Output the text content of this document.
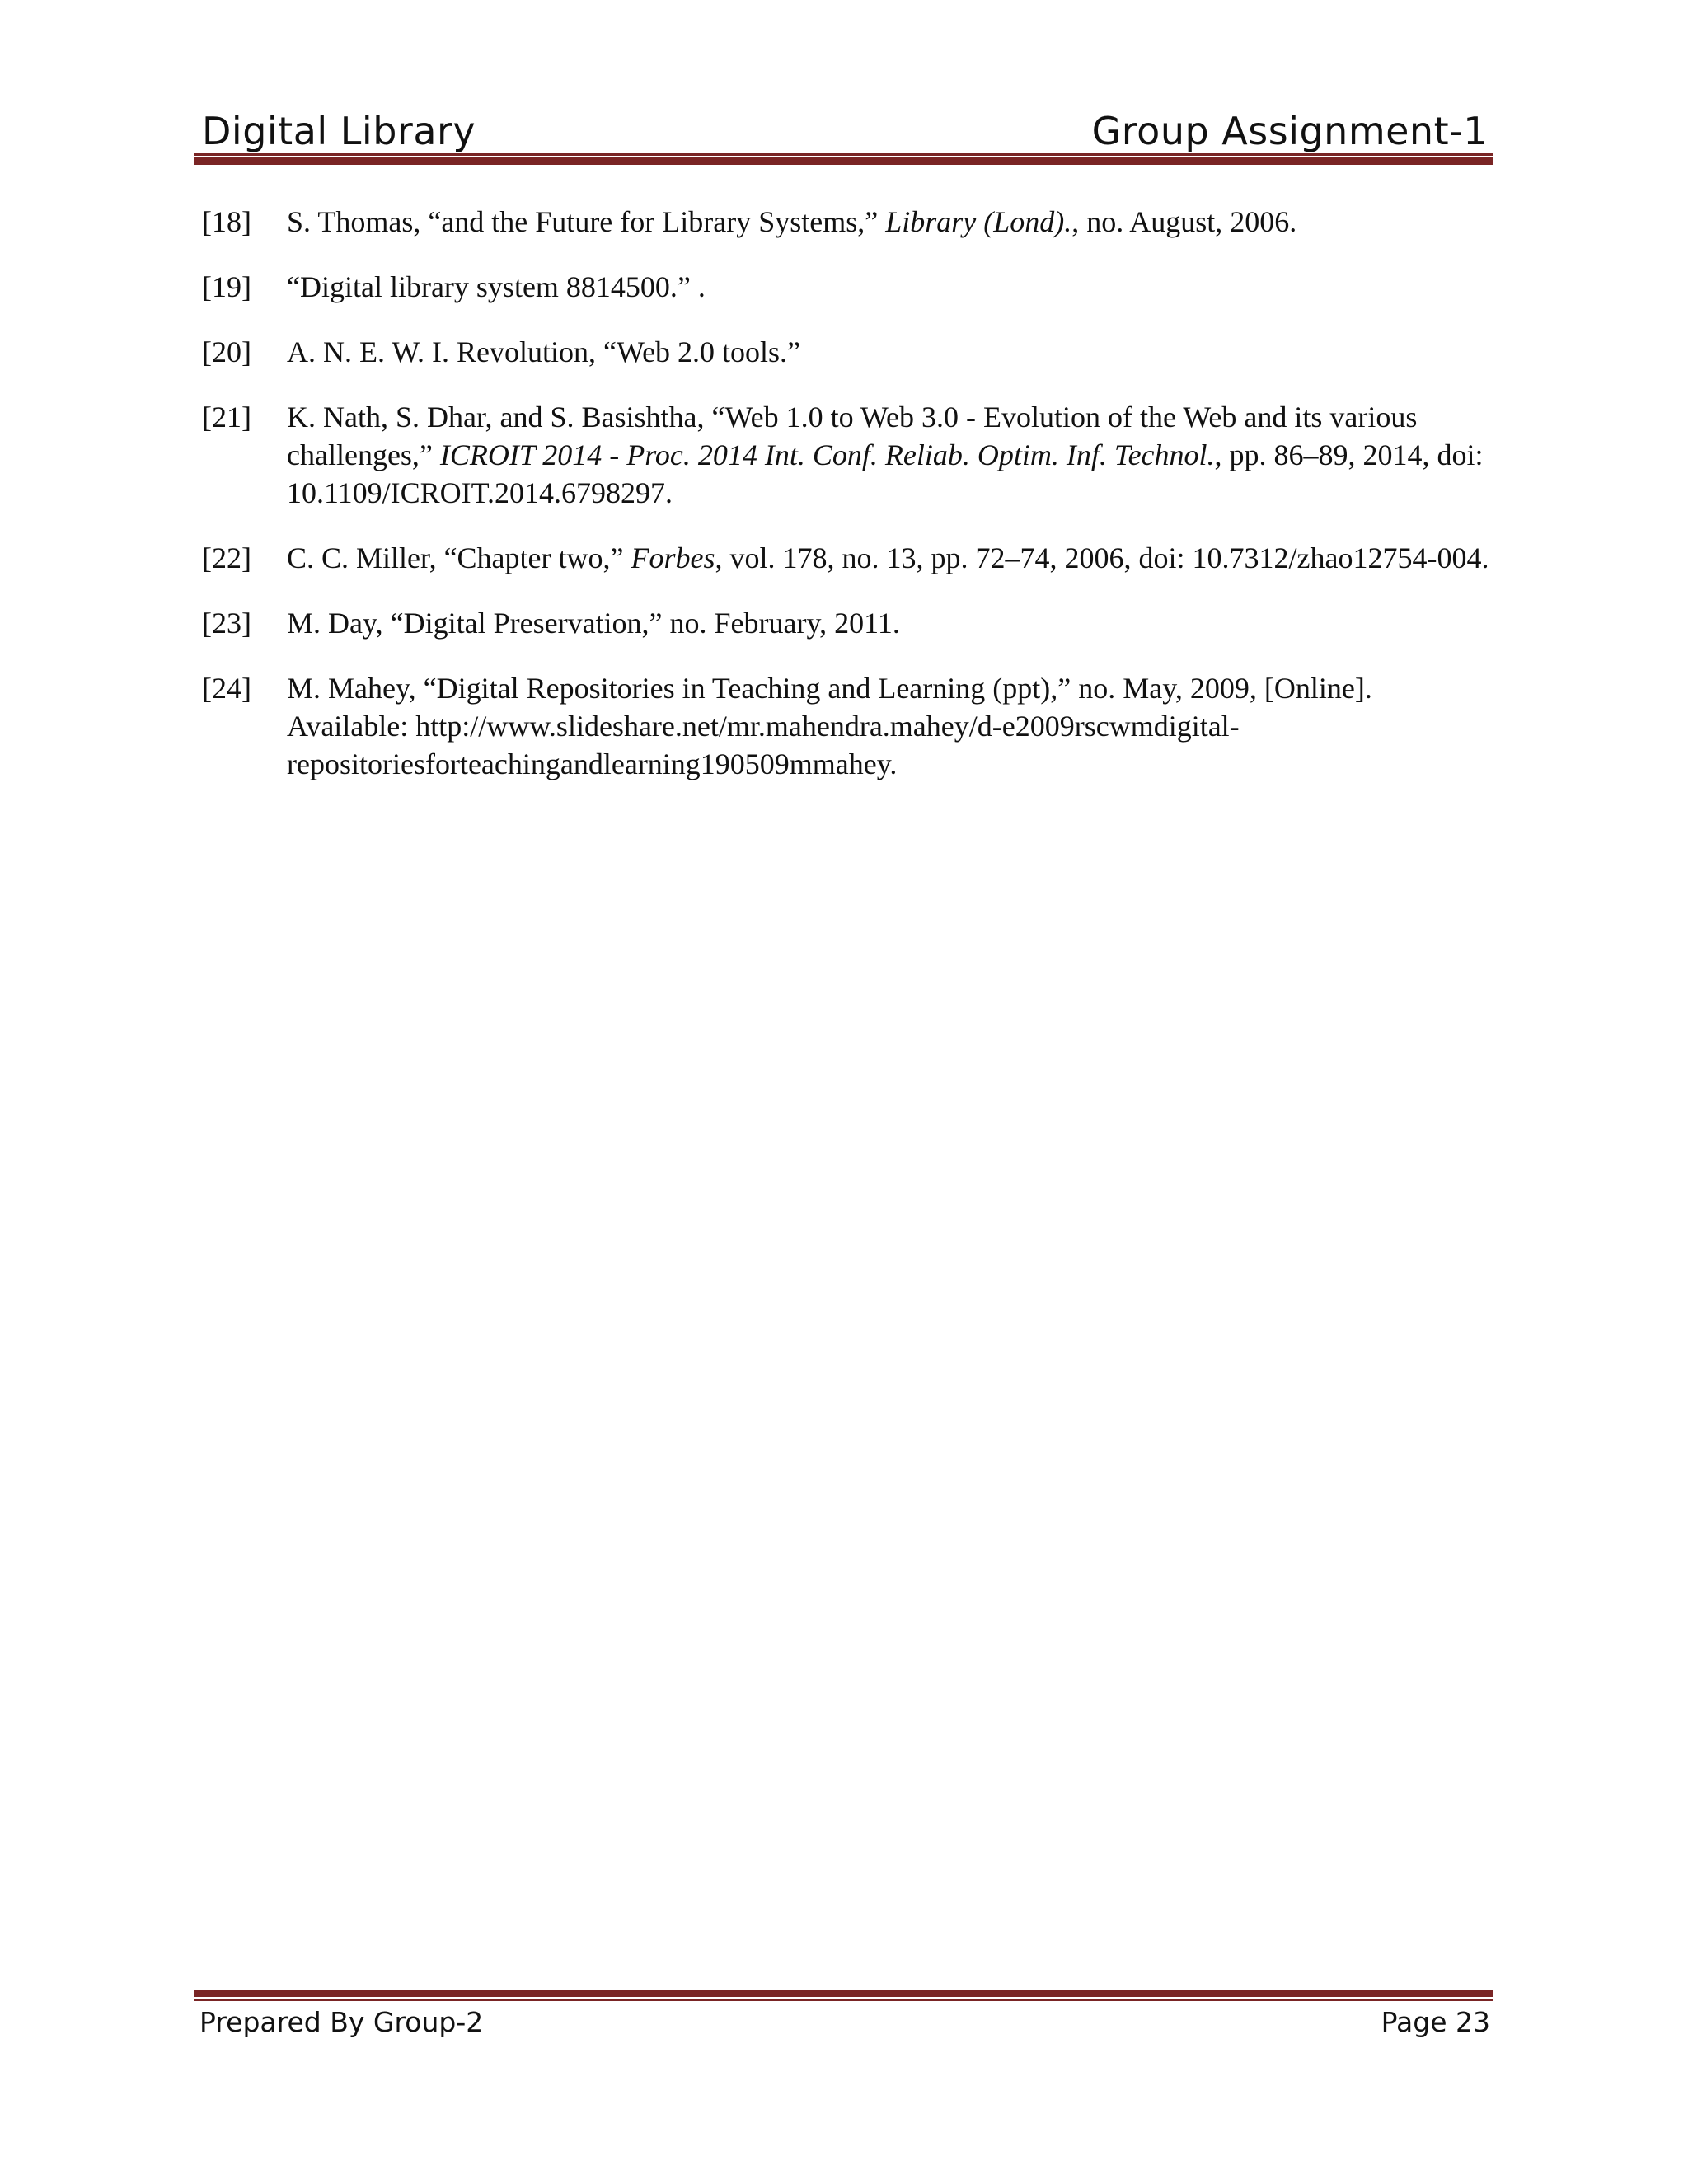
Digital Library	Group Assignment-1
[18] S. Thomas, “and the Future for Library Systems,” Library (Lond)., no. August, 2006.
[19] “Digital library system 8814500.” .
[20] A. N. E. W. I. Revolution, “Web 2.0 tools.”
[21] K. Nath, S. Dhar, and S. Basishtha, “Web 1.0 to Web 3.0 - Evolution of the Web and its various challenges,” ICROIT 2014 - Proc. 2014 Int. Conf. Reliab. Optim. Inf. Technol., pp. 86–89, 2014, doi: 10.1109/ICROIT.2014.6798297.
[22] C. C. Miller, “Chapter two,” Forbes, vol. 178, no. 13, pp. 72–74, 2006, doi: 10.7312/zhao12754-004.
[23] M. Day, “Digital Preservation,” no. February, 2011.
[24] M. Mahey, “Digital Repositories in Teaching and Learning (ppt),” no. May, 2009, [Online]. Available: http://www.slideshare.net/mr.mahendra.mahey/d-e2009rscwmdigital-repositoriesforteachingandlearning190509mmahey.
Prepared By Group-2	Page 23
